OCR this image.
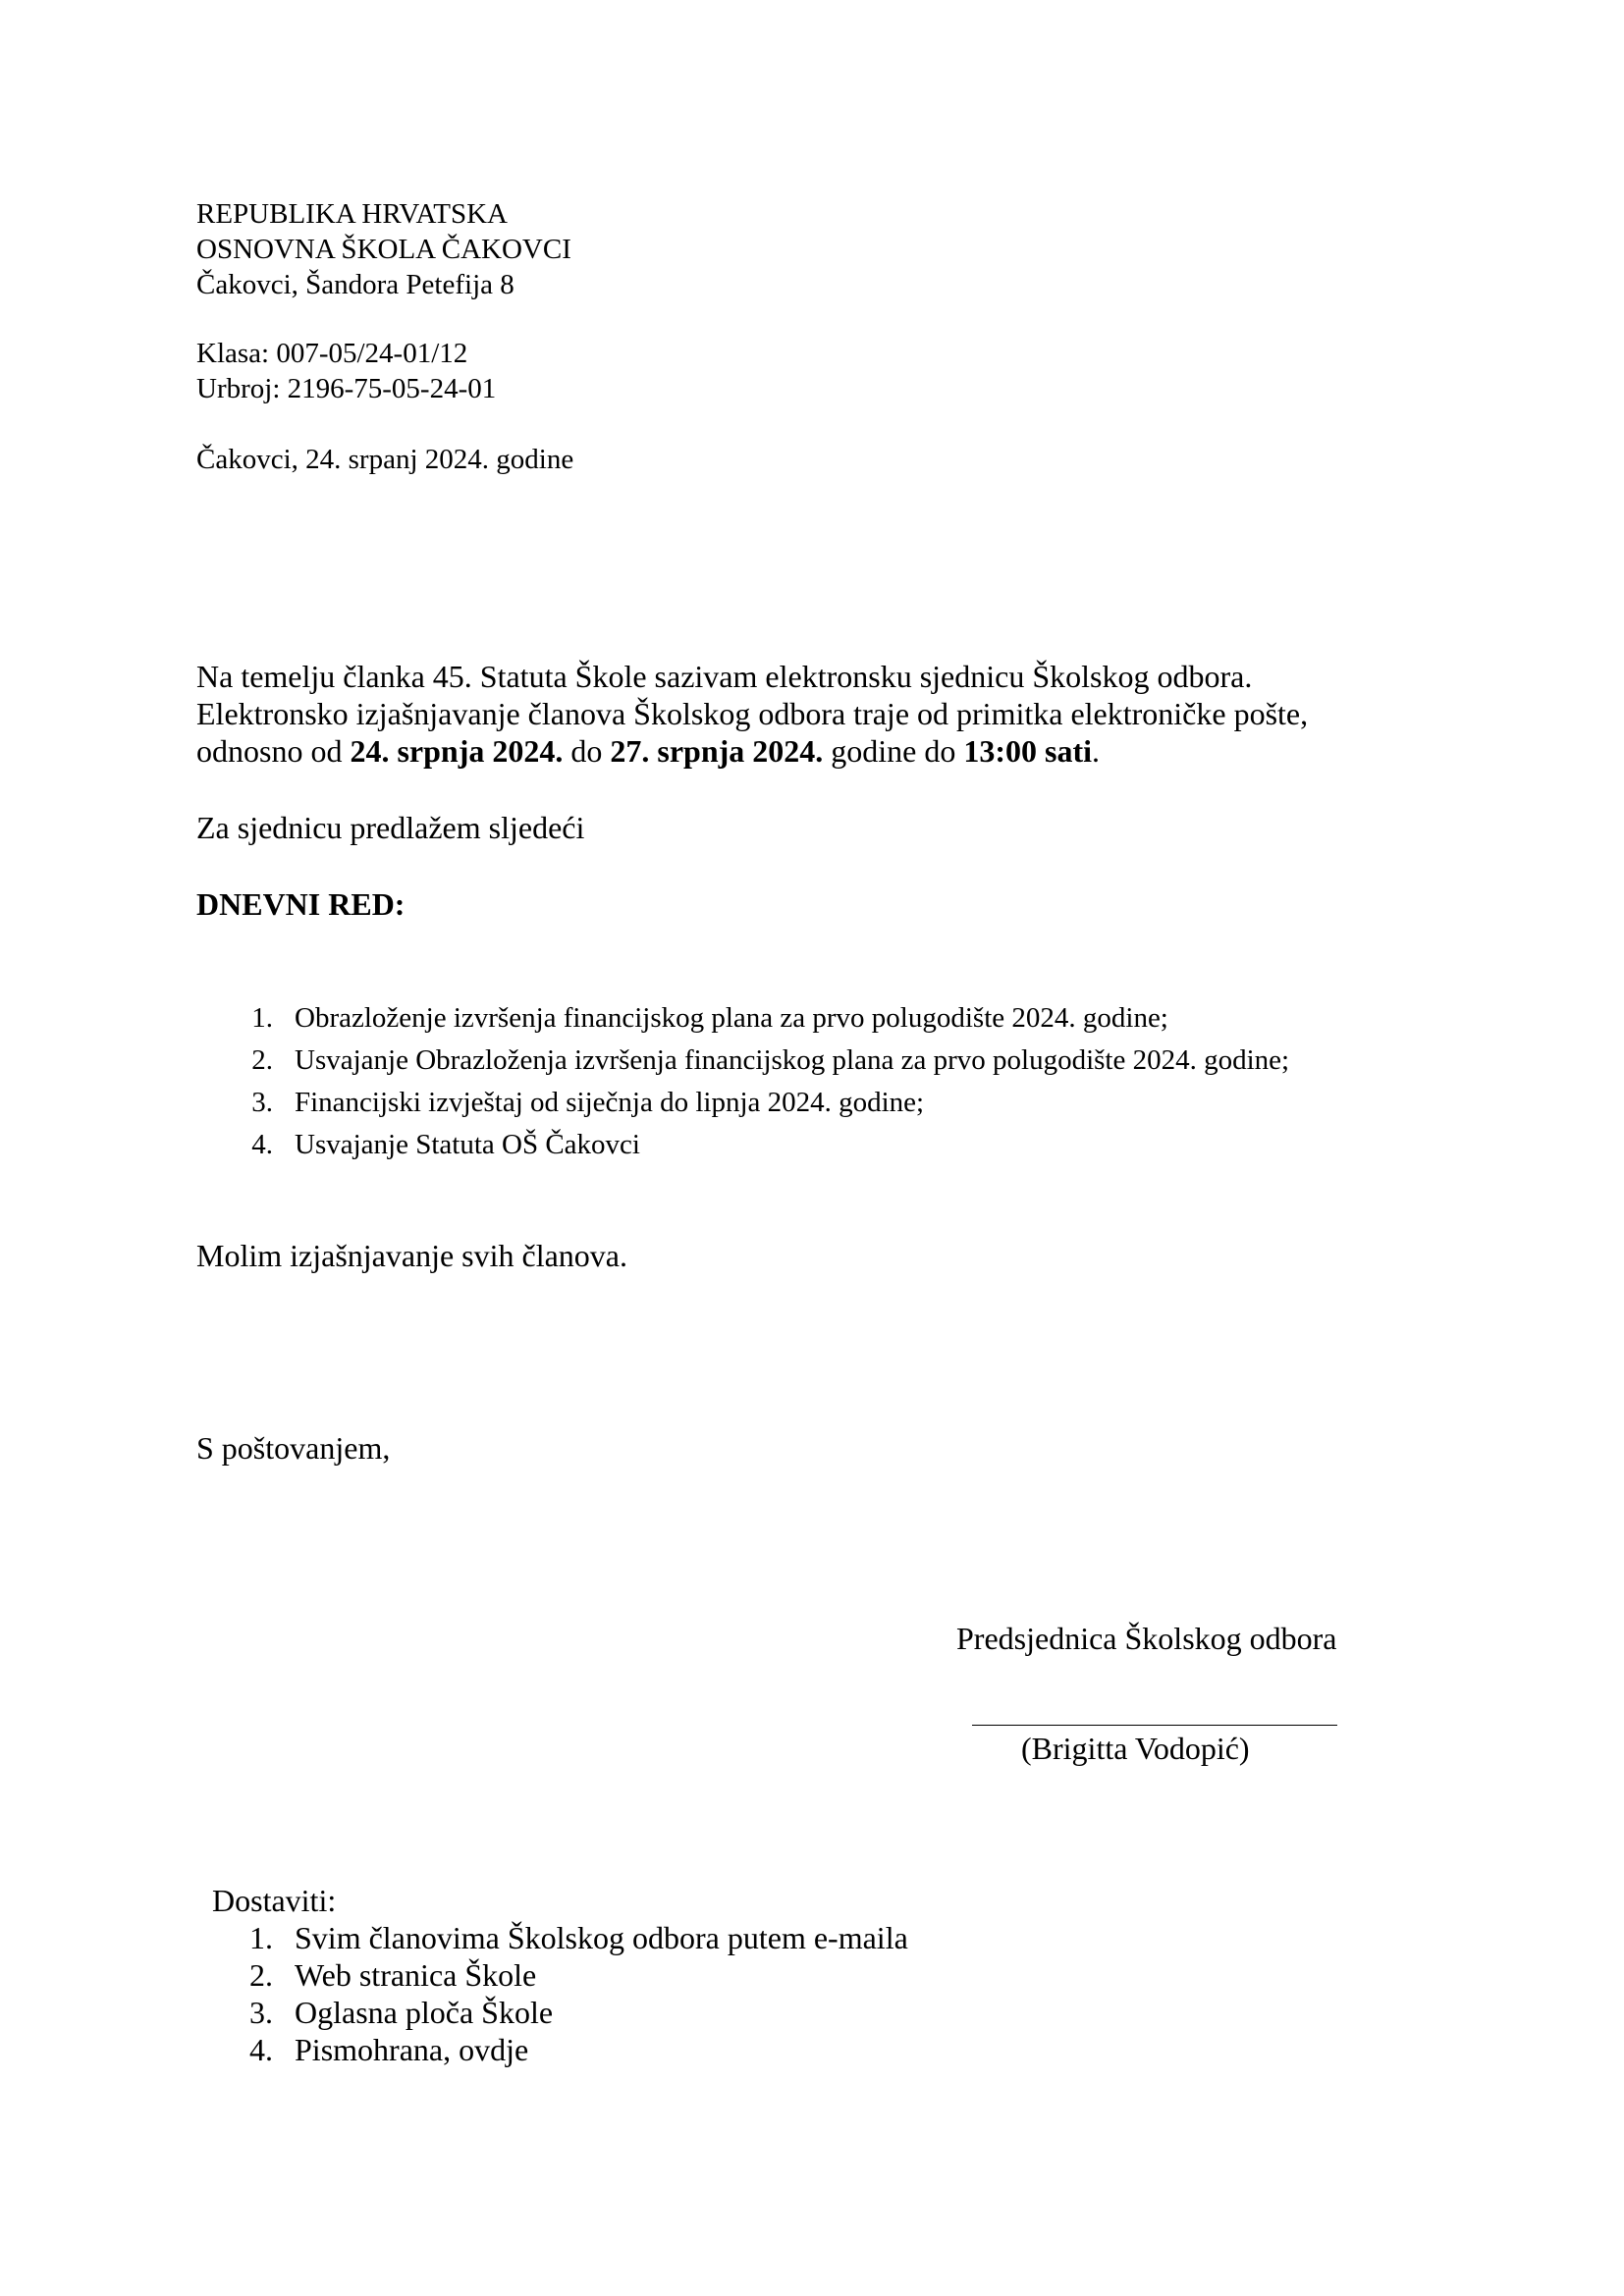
REPUBLIKA HRVATSKA
OSNOVNA ŠKOLA ČAKOVCI
Čakovci, Šandora Petefija 8
Klasa: 007-05/24-01/12
Urbroj: 2196-75-05-24-01
Čakovci, 24. srpanj 2024. godine
Na temelju članka 45. Statuta Škole sazivam elektronsku sjednicu Školskog odbora.
Elektronsko izjašnjavanje članova Školskog odbora traje od primitka elektroničke pošte,
odnosno od 24. srpnja 2024. do 27. srpnja 2024. godine do 13:00 sati.
Za sjednicu predlažem sljedeći
DNEVNI RED:
1. Obrazloženje izvršenja financijskog plana za prvo polugodište 2024. godine;
2. Usvajanje Obrazloženja izvršenja financijskog plana za prvo polugodište 2024. godine;
3. Financijski izvještaj od siječnja do lipnja 2024. godine;
4. Usvajanje Statuta OŠ Čakovci
Molim izjašnjavanje svih članova.
S poštovanjem,
Predsjednica Školskog odbora
(Brigitta Vodopić)
Dostaviti:
1. Svim članovima Školskog odbora putem e-maila
2. Web stranica Škole
3. Oglasna ploča Škole
4. Pismohrana, ovdje
